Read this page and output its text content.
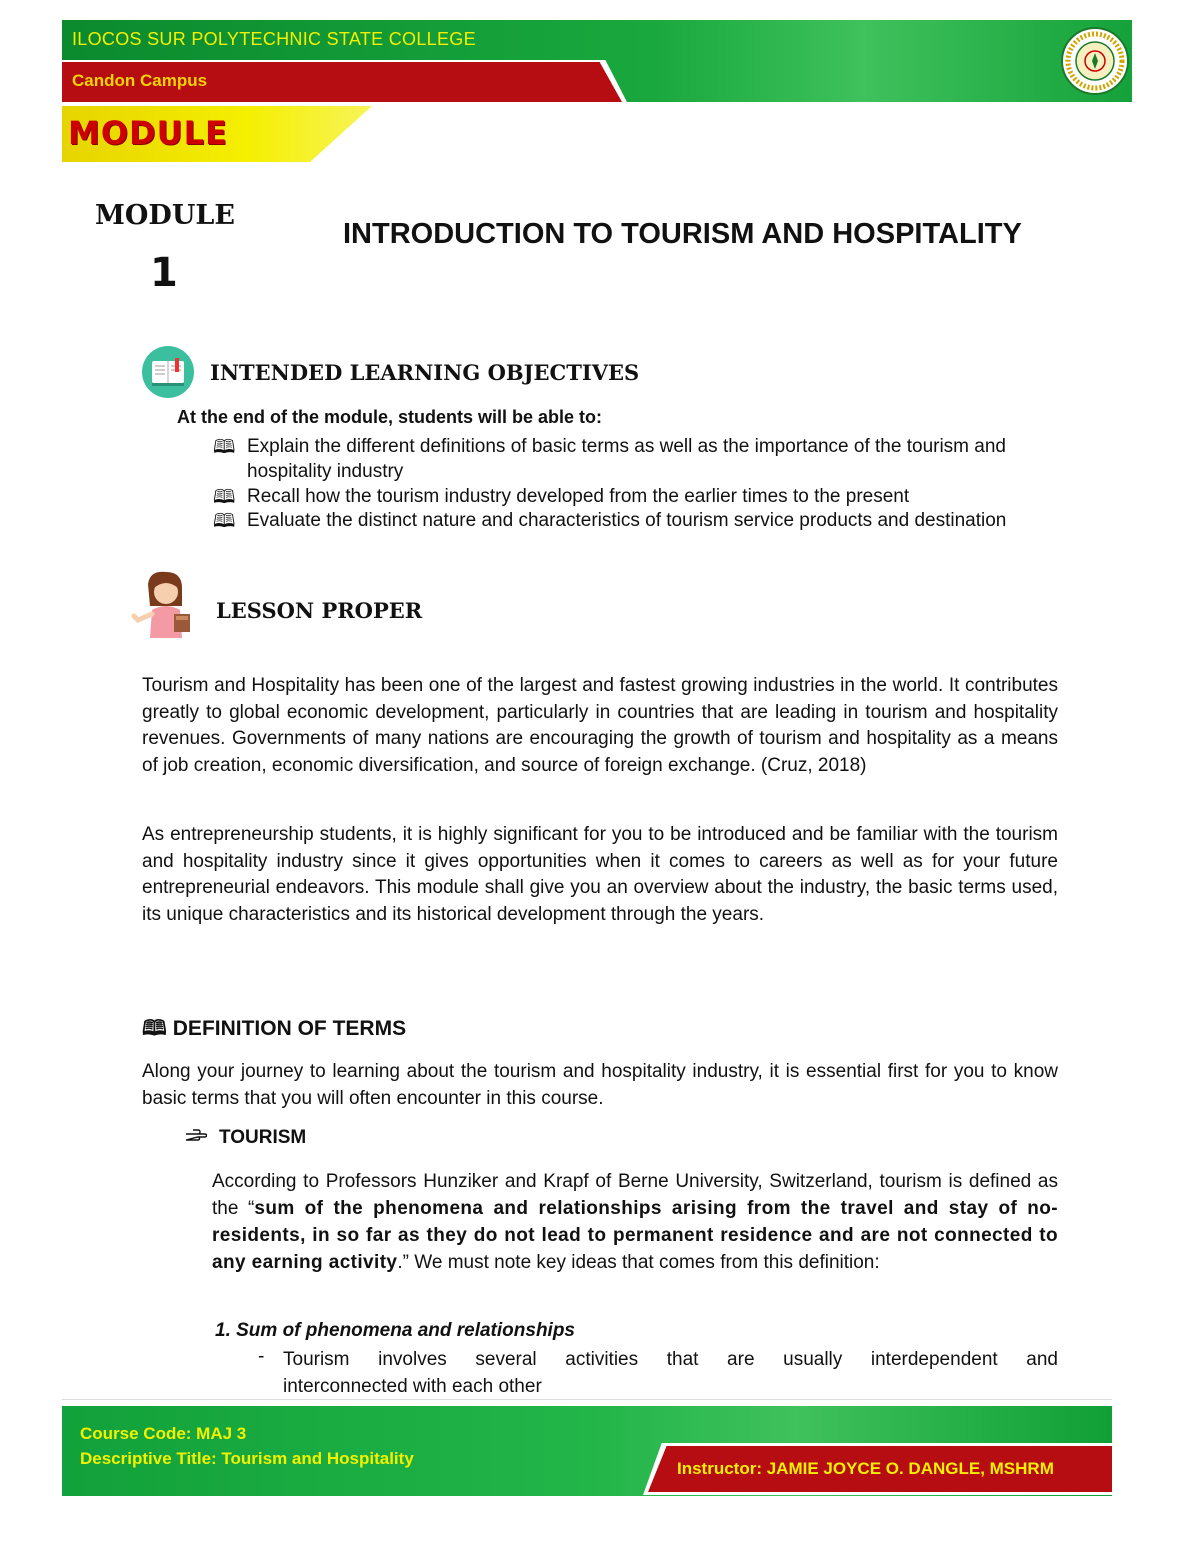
ILOCOS SUR POLYTECHNIC STATE COLLEGE
Candon Campus
MODULE
MODULE
1
INTRODUCTION TO TOURISM AND HOSPITALITY
INTENDED LEARNING OBJECTIVES
At the end of the module, students will be able to:
🕮 Explain the different definitions of basic terms as well as the importance of the tourism and hospitality industry
🕮 Recall how the tourism industry developed from the earlier times to the present
🕮 Evaluate the distinct nature and characteristics of tourism service products and destination
LESSON PROPER
Tourism and Hospitality has been one of the largest and fastest growing industries in the world. It contributes greatly to global economic development, particularly in countries that are leading in tourism and hospitality revenues. Governments of many nations are encouraging the growth of tourism and hospitality as a means of job creation, economic diversification, and source of foreign exchange. (Cruz, 2018)
As entrepreneurship students, it is highly significant for you to be introduced and be familiar with the tourism and hospitality industry since it gives opportunities when it comes to careers as well as for your future entrepreneurial endeavors. This module shall give you an overview about the industry, the basic terms used, its unique characteristics and its historical development through the years.
🕮 DEFINITION OF TERMS
Along your journey to learning about the tourism and hospitality industry, it is essential first for you to know basic terms that you will often encounter in this course.
TOURISM
According to Professors Hunziker and Krapf of Berne University, Switzerland, tourism is defined as the “sum of the phenomena and relationships arising from the travel and stay of no-residents, in so far as they do not lead to permanent residence and are not connected to any earning activity.” We must note key ideas that comes from this definition:
1. Sum of phenomena and relationships
- Tourism involves several activities that are usually interdependent and
interconnected with each other
Course Code: MAJ 3
Descriptive Title: Tourism and Hospitality
Instructor: JAMIE JOYCE O. DANGLE, MSHRM
